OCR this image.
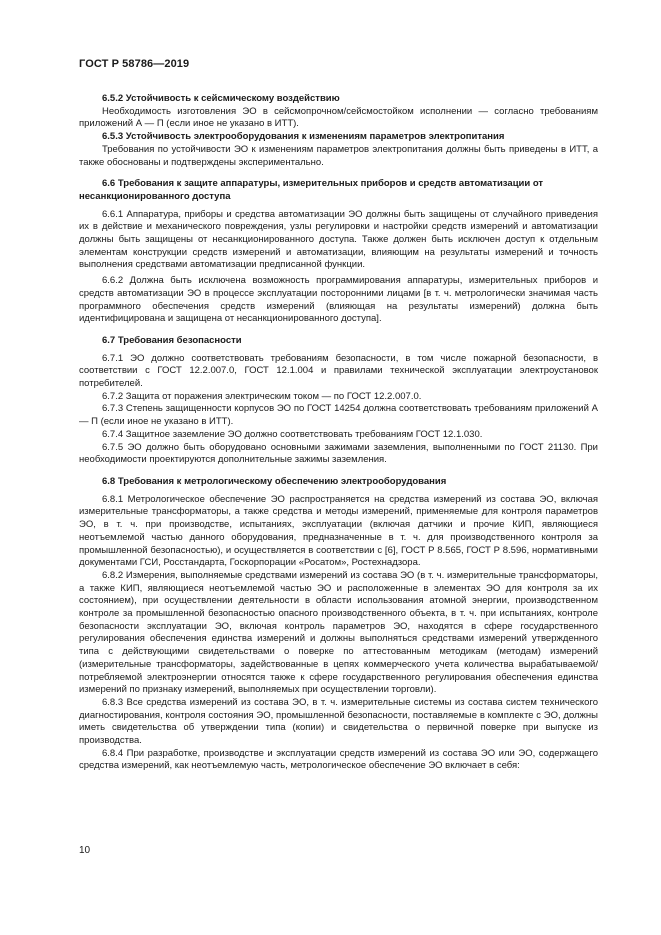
ГОСТ Р 58786—2019

6.5.2 Устойчивость к сейсмическому воздействию

Необходимость изготовления ЭО в сейсмопрочном/сейсмостойком исполнении — согласно требованиям приложений А — П (если иное не указано в ИТТ).

6.5.3 Устойчивость электрооборудования к изменениям параметров электропитания

Требования по устойчивости ЭО к изменениям параметров электропитания должны быть приведены в ИТТ, а также обоснованы и подтверждены экспериментально.

6.6 Требования к защите аппаратуры, измерительных приборов и средств автоматизации от несанкционированного доступа

6.6.1 Аппаратура, приборы и средства автоматизации ЭО должны быть защищены от случайного приведения их в действие и механического повреждения, узлы регулировки и настройки средств измерений и автоматизации должны быть защищены от несанкционированного доступа. Также должен быть исключен доступ к отдельным элементам конструкции средств измерений и автоматизации, влияющим на результаты измерений и точность выполнения средствами автоматизации предписанной функции.

6.6.2 Должна быть исключена возможность программирования аппаратуры, измерительных приборов и средств автоматизации ЭО в процессе эксплуатации посторонними лицами [в т. ч. метрологически значимая часть программного обеспечения средств измерений (влияющая на результаты измерений) должна быть идентифицирована и защищена от несанкционированного доступа].

6.7 Требования безопасности

6.7.1 ЭО должно соответствовать требованиям безопасности, в том числе пожарной безопасности, в соответствии с ГОСТ 12.2.007.0, ГОСТ 12.1.004 и правилами технической эксплуатации электроустановок потребителей.

6.7.2 Защита от поражения электрическим током — по ГОСТ 12.2.007.0.

6.7.3 Степень защищенности корпусов ЭО по ГОСТ 14254 должна соответствовать требованиям приложений А — П (если иное не указано в ИТТ).

6.7.4 Защитное заземление ЭО должно соответствовать требованиям ГОСТ 12.1.030.

6.7.5 ЭО должно быть оборудовано основными зажимами заземления, выполненными по ГОСТ 21130. При необходимости проектируются дополнительные зажимы заземления.

6.8 Требования к метрологическому обеспечению электрооборудования

6.8.1 Метрологическое обеспечение ЭО распространяется на средства измерений из состава ЭО, включая измерительные трансформаторы, а также средства и методы измерений, применяемые для контроля параметров ЭО, в т. ч. при производстве, испытаниях, эксплуатации (включая датчики и прочие КИП, являющиеся неотъемлемой частью данного оборудования, предназначенные в т. ч. для производственного контроля за промышленной безопасностью), и осуществляется в соответствии с [6], ГОСТ Р 8.565, ГОСТ Р 8.596, нормативными документами ГСИ, Росстандарта, Госкорпорации «Росатом», Ростехнадзора.

6.8.2 Измерения, выполняемые средствами измерений из состава ЭО (в т. ч. измерительные трансформаторы, а также КИП, являющиеся неотъемлемой частью ЭО и расположенные в элементах ЭО для контроля за их состоянием), при осуществлении деятельности в области использования атомной энергии, производственном контроле за промышленной безопасностью опасного производственного объекта, в т. ч. при испытаниях, контроле безопасности эксплуатации ЭО, включая контроль параметров ЭО, находятся в сфере государственного регулирования обеспечения единства измерений и должны выполняться средствами измерений утвержденного типа с действующими свидетельствами о поверке по аттестованным методикам (методам) измерений (измерительные трансформаторы, задействованные в цепях коммерческого учета количества вырабатываемой/потребляемой электроэнергии относятся также к сфере государственного регулирования обеспечения единства измерений по признаку измерений, выполняемых при осуществлении торговли).

6.8.3 Все средства измерений из состава ЭО, в т. ч. измерительные системы из состава систем технического диагностирования, контроля состояния ЭО, промышленной безопасности, поставляемые в комплекте с ЭО, должны иметь свидетельства об утверждении типа (копии) и свидетельства о первичной поверке при выпуске из производства.

6.8.4 При разработке, производстве и эксплуатации средств измерений из состава ЭО или ЭО, содержащего средства измерений, как неотъемлемую часть, метрологическое обеспечение ЭО включает в себя:

10
